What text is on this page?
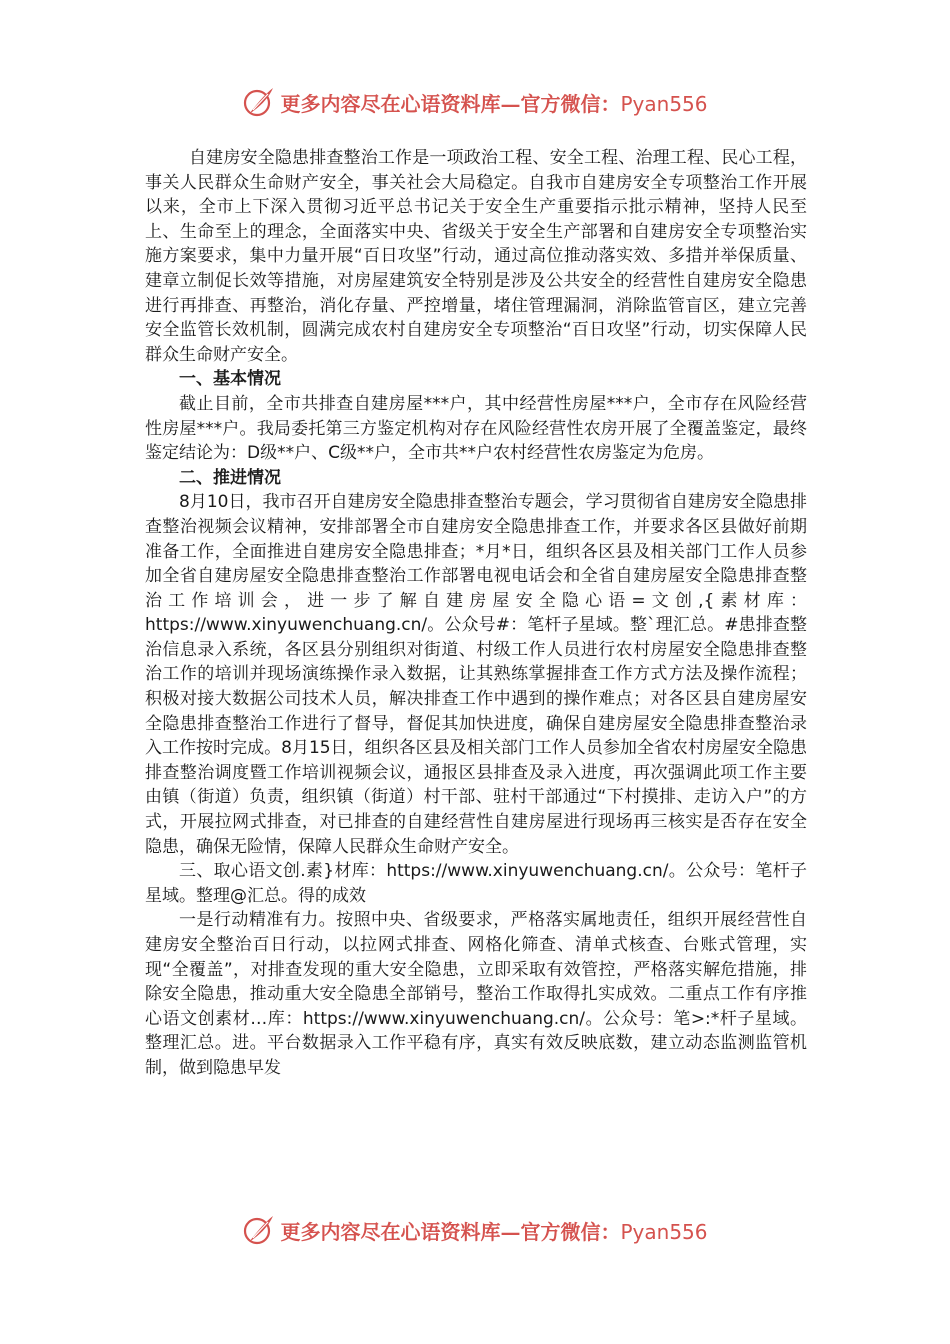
更多内容尽在心语资料库—官方微信：Pyan556

自建房安全隐患排查整治工作是一项政治工程、安全工程、治理工程、民心工程，事关人民群众生命财产安全，事关社会大局稳定。自我市自建房安全专项整治工作开展以来，全市上下深入贯彻习近平总书记关于安全生产重要指示批示精神，坚持人民至上、生命至上的理念，全面落实中央、省级关于安全生产部署和自建房安全专项整治实施方案要求，集中力量开展“百日攻坚”行动，通过高位推动落实效、多措并举保质量、建章立制促长效等措施，对房屋建筑安全特别是涉及公共安全的经营性自建房安全隐患进行再排查、再整治，消化存量、严控增量，堵住管理漏洞，消除监管盲区，建立完善安全监管长效机制，圆满完成农村自建房安全专项整治“百日攻坚”行动，切实保障人民群众生命财产安全。

一、基本情况

截止目前，全市共排查自建房屋***户，其中经营性房屋***户，全市存在风险经营性房屋***户。我局委托第三方鉴定机构对存在风险经营性农房开展了全覆盖鉴定，最终鉴定结论为：D级**户、C级**户，全市共**户农村经营性农房鉴定为危房。

二、推进情况

8月10日，我市召开自建房安全隐患排查整治专题会，学习贯彻省自建房安全隐患排查整治视频会议精神，安排部署全市自建房安全隐患排查工作，并要求各区县做好前期准备工作，全面推进自建房安全隐患排查；*月*日，组织各区县及相关部门工作人员参加全省自建房屋安全隐患排查整治工作部署电视电话会和全省自建房屋安全隐患排查整治工作培训会，进一步了解自建房屋安全隐心语=文创,{素材库：https://www.xinyuwenchuang.cn/。公众号#：笔杆子星域。整`理汇总。#患排查整治信息录入系统，各区县分别组织对街道、村级工作人员进行农村房屋安全隐患排查整治工作的培训并现场演练操作录入数据，让其熟练掌握排查工作方式方法及操作流程；积极对接大数据公司技术人员，解决排查工作中遇到的操作难点；对各区县自建房屋安全隐患排查整治工作进行了督导，督促其加快进度，确保自建房屋安全隐患排查整治录入工作按时完成。8月15日，组织各区县及相关部门工作人员参加全省农村房屋安全隐患排查整治调度暨工作培训视频会议，通报区县排查及录入进度，再次强调此项工作主要由镇（街道）负责，组织镇（街道）村干部、驻村干部通过“下村摸排、走访入户”的方式，开展拉网式排查，对已排查的自建经营性自建房屋进行现场再三核实是否存在安全隐患，确保无险情，保障人民群众生命财产安全。

三、取心语文创.素}材库：https://www.xinyuwenchuang.cn/。公众号：笔杆子星域。整理@汇总。得的成效

一是行动精准有力。按照中央、省级要求，严格落实属地责任，组织开展经营性自建房安全整治百日行动，以拉网式排查、网格化筛查、清单式核查、台账式管理，实现“全覆盖”，对排查发现的重大安全隐患，立即采取有效管控，严格落实解危措施，排除安全隐患，推动重大安全隐患全部销号，整治工作取得扎实成效。二重点工作有序推心语文创素材…库：https://www.xinyuwenchuang.cn/。公众号：笔>:*杆子星域。整理汇总。进。平台数据录入工作平稳有序，真实有效反映底数，建立动态监测监管机制，做到隐患早发

更多内容尽在心语资料库—官方微信：Pyan556
